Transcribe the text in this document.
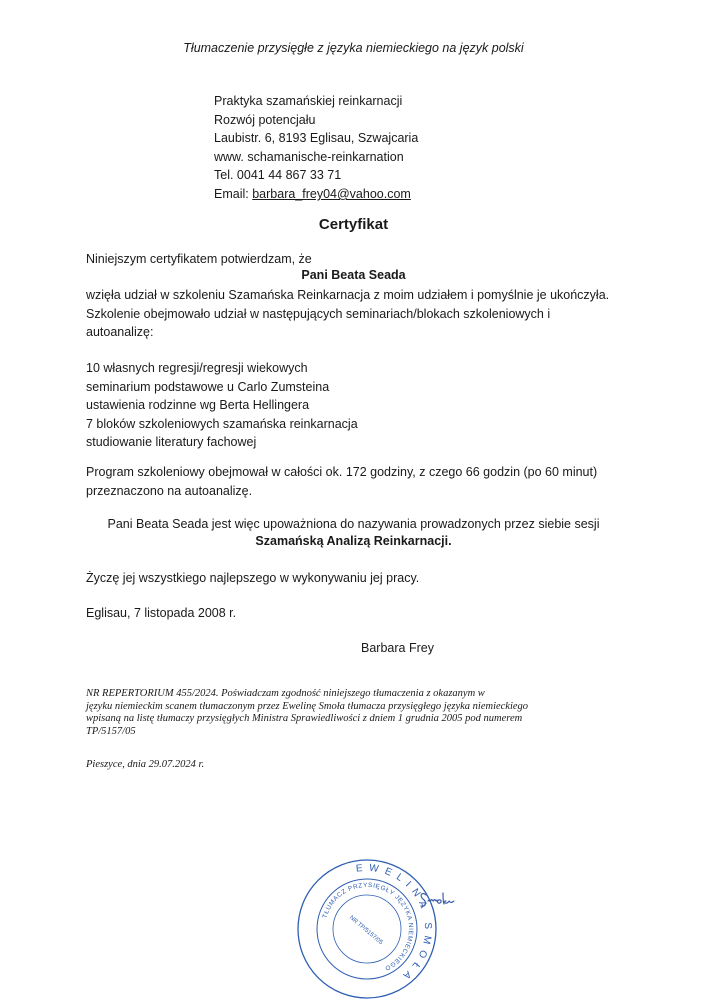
Tłumaczenie przysięgłe z języka niemieckiego na język polski
Praktyka szamańskiej reinkarnacji
Rozwój potencjału
Laubistr. 6, 8193 Eglisau, Szwajcaria
www. schamanische-reinkarnation
Tel. 0041 44 867 33 71
Email: barbara_frey04@vahoo.com
Certyfikat
Niniejszym certyfikatem potwierdzam, że
Pani Beata Seada
wzięła udział w szkoleniu Szamańska Reinkarnacja z moim udziałem i pomyślnie je ukończyła.
Szkolenie obejmowało udział w następujących seminariach/blokach szkoleniowych i
autoanalizę:
10 własnych regresji/regresji wiekowych
seminarium podstawowe u Carlo Zumsteina
ustawienia rodzinne wg Berta Hellingera
7 bloków szkoleniowych szamańska reinkarnacja
studiowanie literatury fachowej
Program szkoleniowy obejmował w całości ok. 172 godziny, z czego 66 godzin (po 60 minut)
przeznaczono na autoanalizę.
Pani Beata Seada jest więc upoważniona do nazywania prowadzonych przez siebie sesji
Szamańską Analizą Reinkarnacji.
Życzę jej wszystkiego najlepszego w wykonywaniu jej pracy.
Eglisau, 7 listopada 2008 r.
Barbara Frey
NR REPERTORIUM 455/2024. Poświadczam zgodność niniejszego tłumaczenia z okazanym w
języku niemieckim scanem tłumaczonym przez Ewelinę Smoła tłumacza przysięgłego języka niemieckiego
wpisaną na listę tłumaczy przysięgłych Ministra Sprawiedliwości z dniem 1 grudnia 2005 pod numerem
TP/5157/05
Pieszyce, dnia 29.07.2024 r.
EWELINA SMOŁA
TŁUMACZ PRZYSIĘGŁY JĘZYKA NIEMIECKIEGO
NR TP/5157/05
